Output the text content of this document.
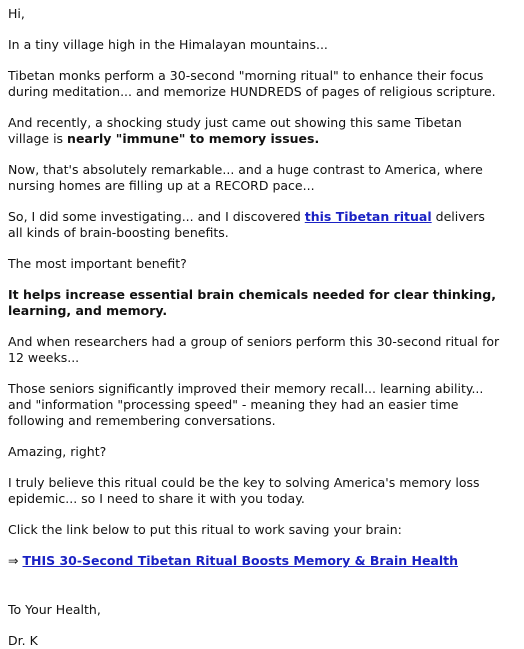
Hi,

In a tiny village high in the Himalayan mountains...

Tibetan monks perform a 30-second "morning ritual" to enhance their focus during meditation... and memorize HUNDREDS of pages of religious scripture.

And recently, a shocking study just came out showing this same Tibetan village is nearly "immune" to memory issues.

Now, that's absolutely remarkable... and a huge contrast to America, where nursing homes are filling up at a RECORD pace...

So, I did some investigating... and I discovered this Tibetan ritual delivers all kinds of brain-boosting benefits.

The most important benefit?

It helps increase essential brain chemicals needed for clear thinking, learning, and memory.

And when researchers had a group of seniors perform this 30-second ritual for 12 weeks...

Those seniors significantly improved their memory recall... learning ability... and "information "processing speed" - meaning they had an easier time following and remembering conversations.

Amazing, right?

I truly believe this ritual could be the key to solving America's memory loss epidemic... so I need to share it with you today.

Click the link below to put this ritual to work saving your brain:

⇒ THIS 30-Second Tibetan Ritual Boosts Memory & Brain Health

To Your Health,

Dr. K
